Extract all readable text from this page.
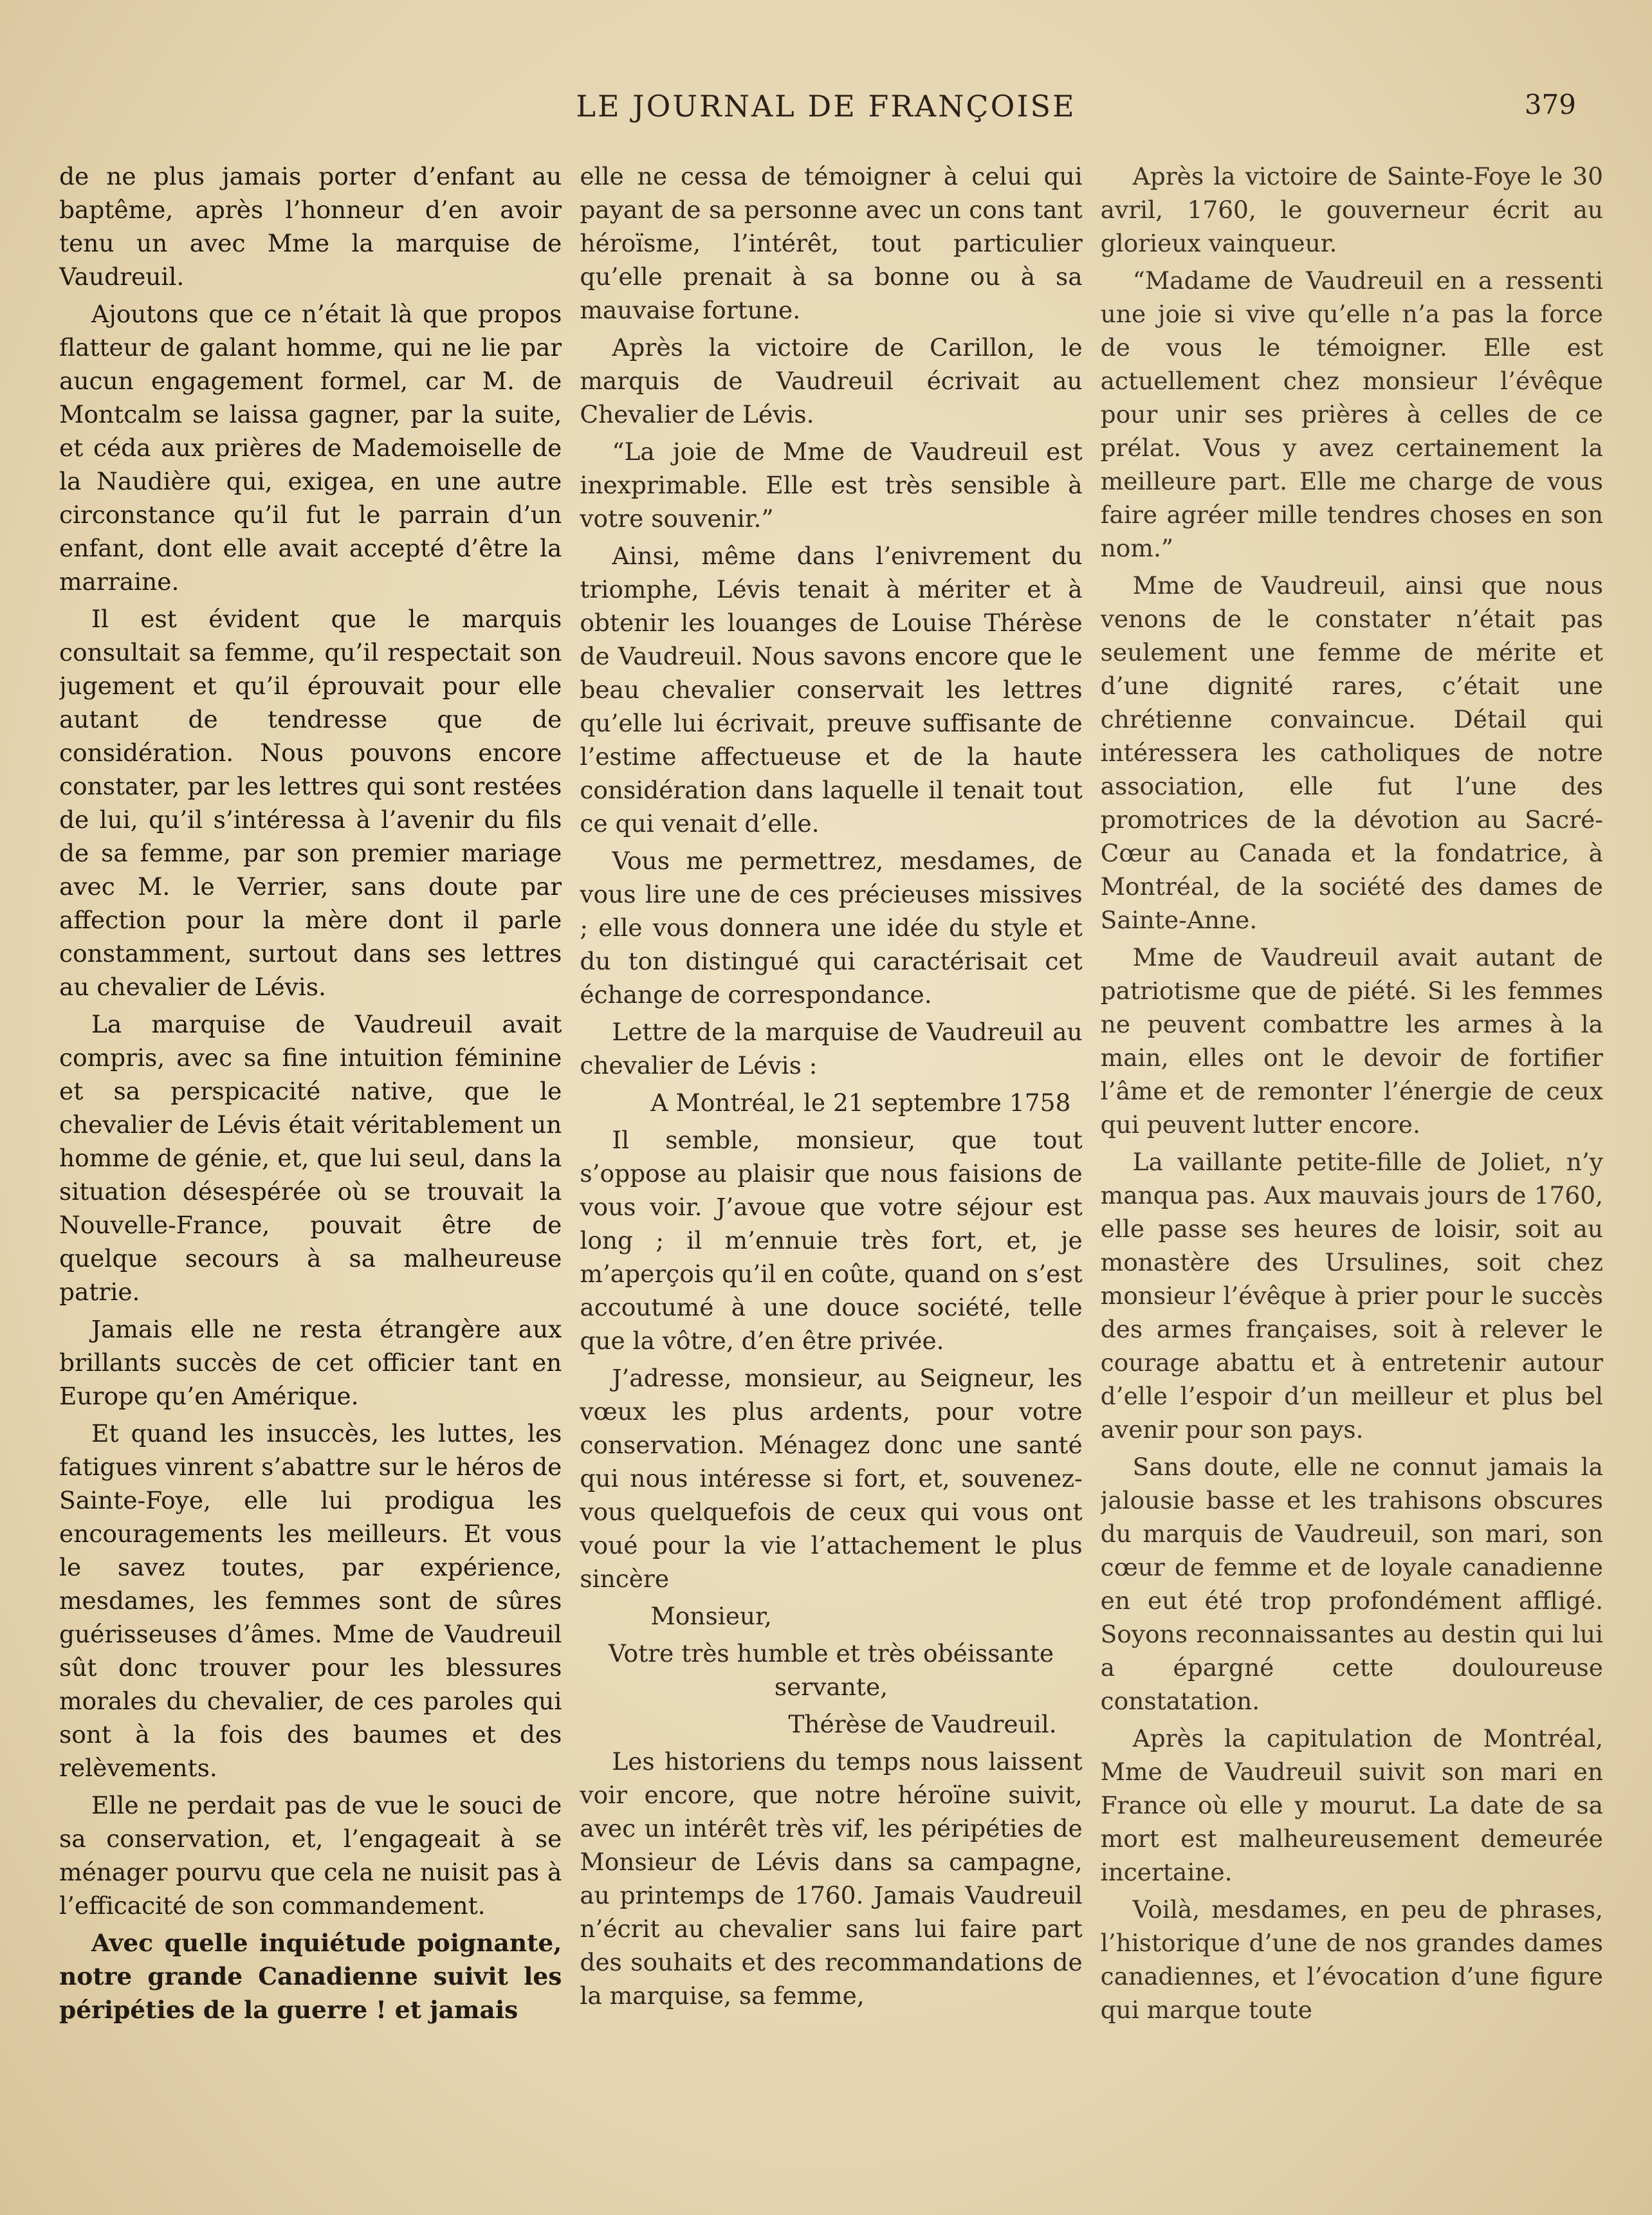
LE JOURNAL DE FRANÇOISE	379

de ne plus jamais porter d’enfant au baptême, après l’honneur d’en avoir tenu un avec Mme la marquise de Vaudreuil.

Ajoutons que ce n’était là que propos flatteur de galant homme, qui ne lie par aucun engagement formel, car M. de Montcalm se laissa gagner, par la suite, et céda aux prières de Mademoiselle de la Naudière qui, exigea, en une autre circonstance qu’il fut le parrain d’un enfant, dont elle avait accepté d’être la marraine.

Il est évident que le marquis consultait sa femme, qu’il respectait son jugement et qu’il éprouvait pour elle autant de tendresse que de considération. Nous pouvons encore constater, par les lettres qui sont restées de lui, qu’il s’intéressa à l’avenir du fils de sa femme, par son premier mariage avec M. le Verrier, sans doute par affection pour la mère dont il parle constamment, surtout dans ses lettres au chevalier de Lévis.

La marquise de Vaudreuil avait compris, avec sa fine intuition féminine et sa perspicacité native, que le chevalier de Lévis était véritablement un homme de génie, et, que lui seul, dans la situation désespérée où se trouvait la Nouvelle-France, pouvait être de quelque secours à sa malheureuse patrie.

Jamais elle ne resta étrangère aux brillants succès de cet officier tant en Europe qu’en Amérique.

Et quand les insuccès, les luttes, les fatigues vinrent s’abattre sur le héros de Sainte-Foye, elle lui prodigua les encouragements les meilleurs. Et vous le savez toutes, par expérience, mesdames, les femmes sont de sûres guérisseuses d’âmes. Mme de Vaudreuil sût donc trouver pour les blessures morales du chevalier, de ces paroles qui sont à la fois des baumes et des relèvements.

Elle ne perdait pas de vue le souci de sa conservation, et, l’engageait à se ménager pourvu que cela ne nuisit pas à l’efficacité de son commandement.

Avec quelle inquiétude poignante, notre grande Canadienne suivit les péripéties de la guerre ! et jamais

elle ne cessa de témoigner à celui qui payant de sa personne avec un cons tant héroïsme, l’intérêt, tout particulier qu’elle prenait à sa bonne ou à sa mauvaise fortune.

Après la victoire de Carillon, le marquis de Vaudreuil écrivait au Chevalier de Lévis.

“La joie de Mme de Vaudreuil est inexprimable. Elle est très sensible à votre souvenir.”

Ainsi, même dans l’enivrement du triomphe, Lévis tenait à mériter et à obtenir les louanges de Louise Thérèse de Vaudreuil. Nous savons encore que le beau chevalier conservait les lettres qu’elle lui écrivait, preuve suffisante de l’estime affectueuse et de la haute considération dans laquelle il tenait tout ce qui venait d’elle.

Vous me permettrez, mesdames, de vous lire une de ces précieuses missives ; elle vous donnera une idée du style et du ton distingué qui caractérisait cet échange de correspondance.

Lettre de la marquise de Vaudreuil au chevalier de Lévis :

A Montréal, le 21 septembre 1758

Il semble, monsieur, que tout s’oppose au plaisir que nous faisions de vous voir. J’avoue que votre séjour est long ; il m’ennuie très fort, et, je m’aperçois qu’il en coûte, quand on s’est accoutumé à une douce société, telle que la vôtre, d’en être privée.

J’adresse, monsieur, au Seigneur, les vœux les plus ardents, pour votre conservation. Ménagez donc une santé qui nous intéresse si fort, et, souvenez-vous quelquefois de ceux qui vous ont voué pour la vie l’attachement le plus sincère

Monsieur,

Votre très humble et très obéissante servante,

Thérèse de Vaudreuil.

Les historiens du temps nous laissent voir encore, que notre héroïne suivit, avec un intérêt très vif, les péripéties de Monsieur de Lévis dans sa campagne, au printemps de 1760. Jamais Vaudreuil n’écrit au chevalier sans lui faire part des souhaits et des recommandations de la marquise, sa femme,

Après la victoire de Sainte-Foye le 30 avril, 1760, le gouverneur écrit au glorieux vainqueur.

“Madame de Vaudreuil en a ressenti une joie si vive qu’elle n’a pas la force de vous le témoigner. Elle est actuellement chez monsieur l’évêque pour unir ses prières à celles de ce prélat. Vous y avez certainement la meilleure part. Elle me charge de vous faire agréer mille tendres choses en son nom.”

Mme de Vaudreuil, ainsi que nous venons de le constater n’était pas seulement une femme de mérite et d’une dignité rares, c’était une chrétienne convaincue. Détail qui intéressera les catholiques de notre association, elle fut l’une des promotrices de la dévotion au Sacré-Cœur au Canada et la fondatrice, à Montréal, de la société des dames de Sainte-Anne.

Mme de Vaudreuil avait autant de patriotisme que de piété. Si les femmes ne peuvent combattre les armes à la main, elles ont le devoir de fortifier l’âme et de remonter l’énergie de ceux qui peuvent lutter encore.

La vaillante petite-fille de Joliet, n’y manqua pas. Aux mauvais jours de 1760, elle passe ses heures de loisir, soit au monastère des Ursulines, soit chez monsieur l’évêque à prier pour le succès des armes françaises, soit à relever le courage abattu et à entretenir autour d’elle l’espoir d’un meilleur et plus bel avenir pour son pays.

Sans doute, elle ne connut jamais la jalousie basse et les trahisons obscures du marquis de Vaudreuil, son mari, son cœur de femme et de loyale canadienne en eut été trop profondément affligé. Soyons reconnaissantes au destin qui lui a épargné cette douloureuse constatation.

Après la capitulation de Montréal, Mme de Vaudreuil suivit son mari en France où elle y mourut. La date de sa mort est malheureusement demeurée incertaine.

Voilà, mesdames, en peu de phrases, l’historique d’une de nos grandes dames canadiennes, et l’évocation d’une figure qui marque toute
